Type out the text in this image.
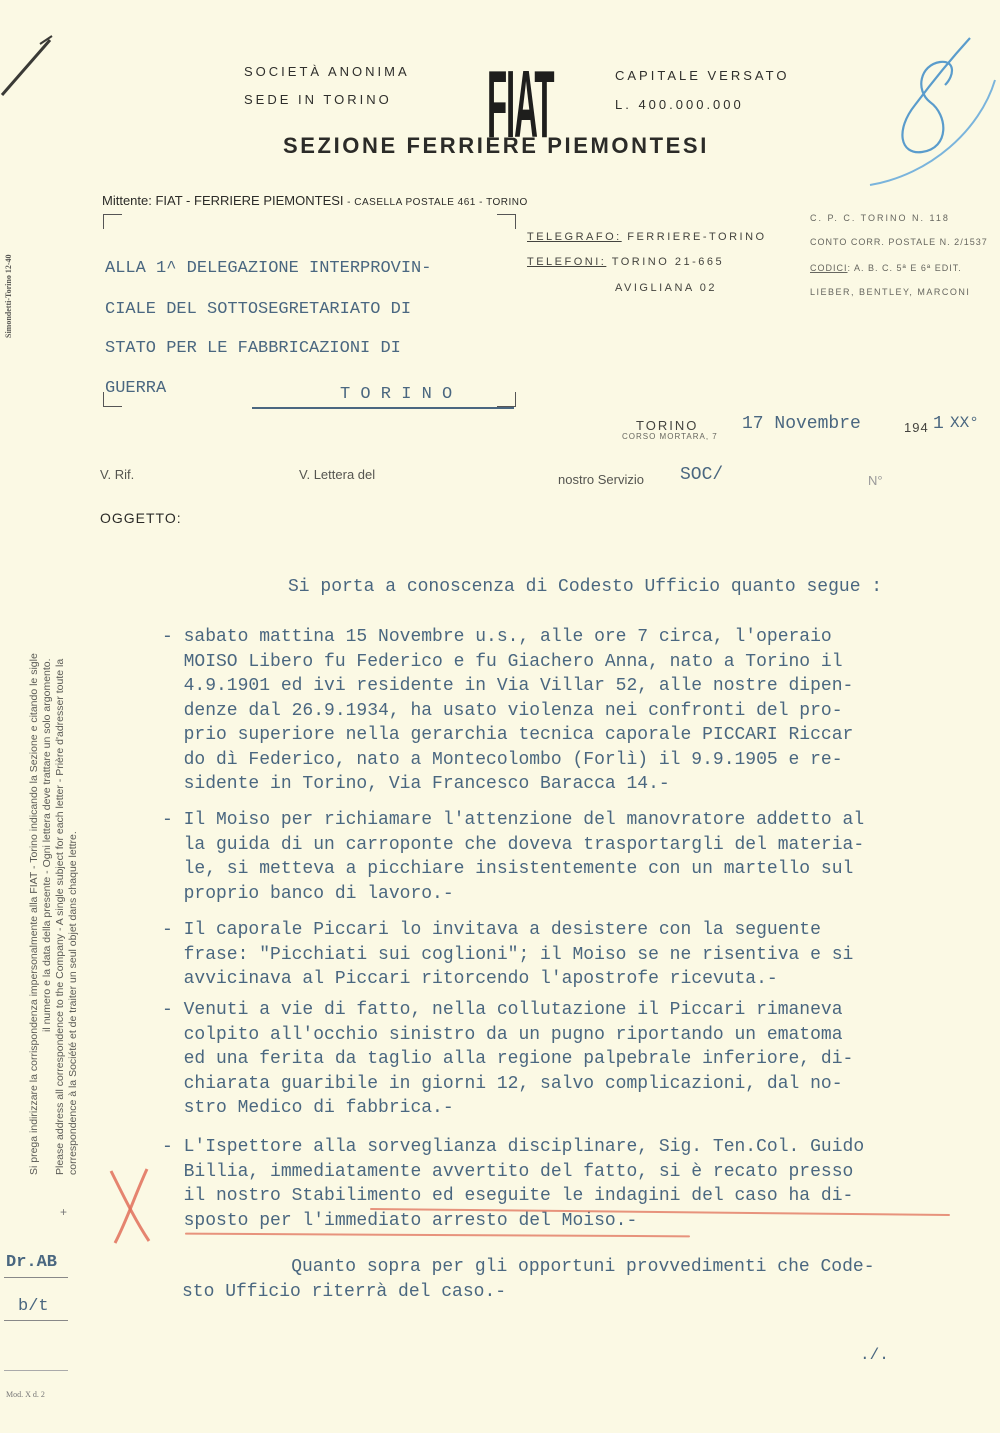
SOCIETÀ ANONIMA
SEDE IN TORINO FIAT	CAPITALE VERSATO
L. 400.000.000
SEZIONE FERRIERE PIEMONTESI
Mittente: FIAT - FERRIERE PIEMONTESI - CASELLA POSTALE 461 - TORINO
TELEGRAFO: FERRIERE-TORINO
TELEFONI: TORINO 21-665
AVIGLIANA 02
C. P. C. TORINO N. 118
CONTO CORR. POSTALE N. 2/1537
CODICI: A. B. C. 5ª E 6ª EDIT.
LIEBER, BENTLEY, MARCONI
ALLA 1^ DELEGAZIONE INTERPROVIN-
CIALE DEL SOTTOSEGRETARIATO DI
STATO PER LE FABBRICAZIONI DI
GUERRA	T O R I N O
TORINO
CORSO MORTARA, 7
17 Novembre	194 1 XX°
V. Rif.	V. Lettera del	nostro Servizio SOC/	N°
OGGETTO:
Si porta a conoscenza di Codesto Ufficio quanto segue :
- sabato mattina 15 Novembre u.s., alle ore 7 circa, l'operaio
MOISO Libero fu Federico e fu Giachero Anna, nato a Torino il
4.9.1901 ed ivi residente in Via Villar 52, alle nostre dipen-
denze dal 26.9.1934, ha usato violenza nei confronti del pro-
prio superiore nella gerarchia tecnica caporale PICCARI Riccar
do dì Federico, nato a Montecolombo (Forlì) il 9.9.1905 e re-
sidente in Torino, Via Francesco Baracca 14.-
- Il Moiso per richiamare l'attenzione del manovratore addetto al
la guida di un carroponte che doveva trasportargli del materia-
le, si metteva a picchiare insistentemente con un martello sul
proprio banco di lavoro.-
- Il caporale Piccari lo invitava a desistere con la seguente
frase: "Picchiati sui coglioni"; il Moiso se ne risentiva e si
avvicinava al Piccari ritorcendo l'apostrofe ricevuta.-
- Venuti a vie di fatto, nella collutazione il Piccari rimaneva
colpito all'occhio sinistro da un pugno riportando un ematoma
ed una ferita da taglio alla regione palpebrale inferiore, di-
chiarata guaribile in giorni 12, salvo complicazioni, dal no-
stro Medico di fabbrica.-
- L'Ispettore alla sorveglianza disciplinare, Sig. Ten.Col. Guido
Billia, immediatamente avvertito del fatto, si è recato presso
il nostro Stabilimento ed eseguite le indagini del caso ha di-
sposto per l'immediato arresto del Moiso.-
Quanto sopra per gli opportuni provvedimenti che Code-
sto Ufficio riterrà del caso.-
./.
Dr.AB
b/t
Mod. X d. 2
Simondetti-Torino 12-40
Si prega indirizzare la corrispondenza impersonalmente alla FIAT - Torino indicando la Sezione e citando le sigle il numero e la data della presente - Ogni lettera deve trattare un solo argomento. Please address all correspondence to the Company - A single subject for each letter - Prière d'adresser toute la correspondence à la Société et de traiter un seul objet dans chaque lettre.
+
